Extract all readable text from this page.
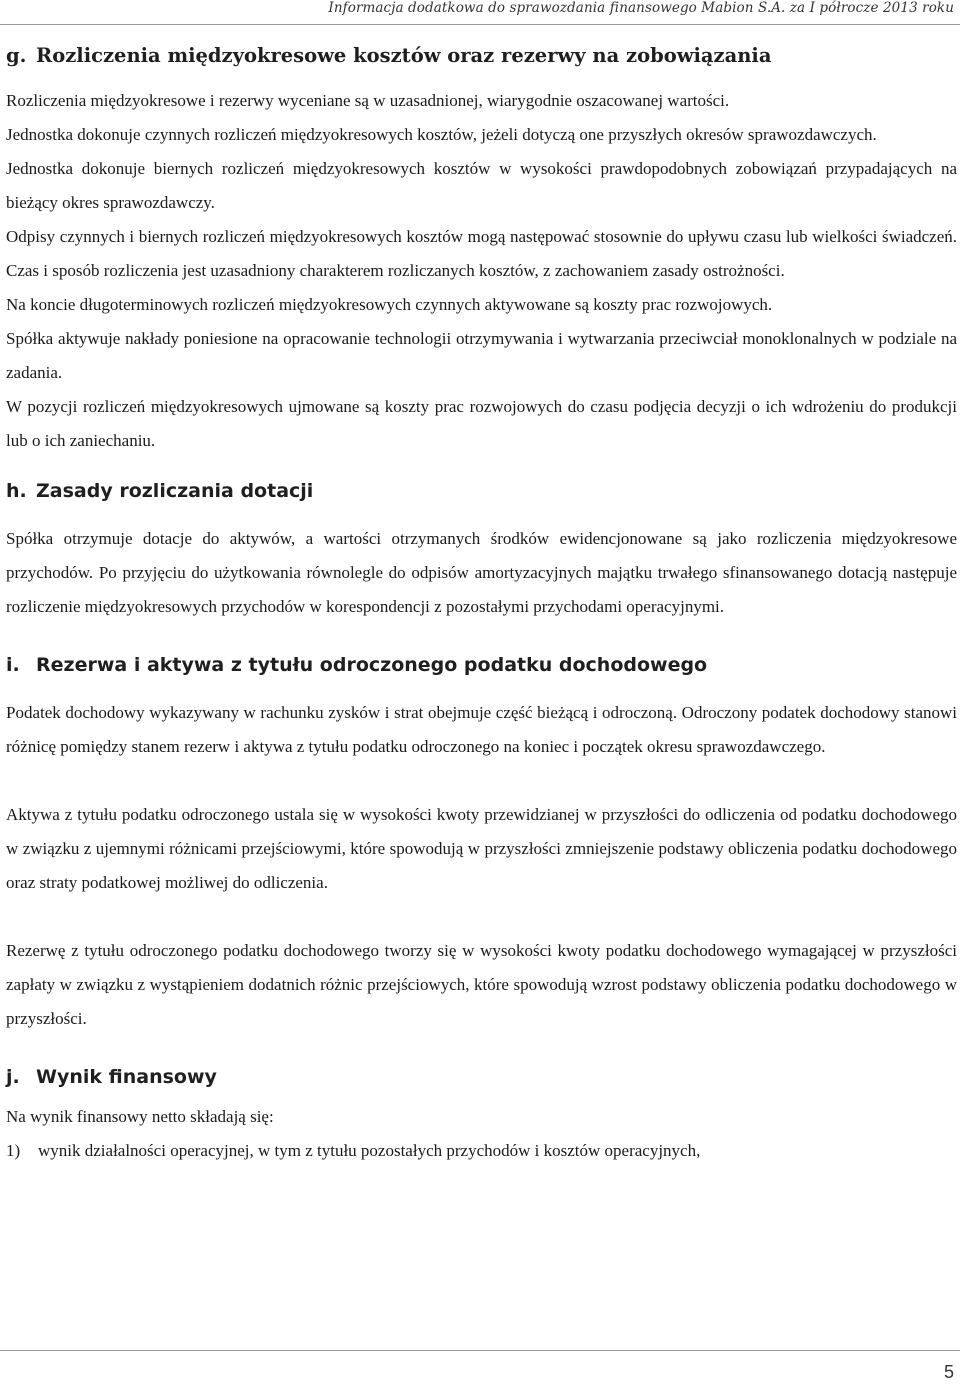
Informacja dodatkowa do sprawozdania finansowego Mabion S.A. za I półrocze 2013 roku
g. Rozliczenia międzyokresowe kosztów oraz rezerwy na zobowiązania

Rozliczenia międzyokresowe i rezerwy wyceniane są w uzasadnionej, wiarygodnie oszacowanej wartości.

Jednostka dokonuje czynnych rozliczeń międzyokresowych kosztów, jeżeli dotyczą one przyszłych okresów sprawozdawczych.

Jednostka dokonuje biernych rozliczeń międzyokresowych kosztów w wysokości prawdopodobnych zobowiązań przypadających na bieżący okres sprawozdawczy.

Odpisy czynnych i biernych rozliczeń międzyokresowych kosztów mogą następować stosownie do upływu czasu lub wielkości świadczeń. Czas i sposób rozliczenia jest uzasadniony charakterem rozliczanych kosztów, z zachowaniem zasady ostrożności.

Na koncie długoterminowych rozliczeń międzyokresowych czynnych aktywowane są koszty prac rozwojowych.

Spółka aktywuje nakłady poniesione na opracowanie technologii otrzymywania i wytwarzania przeciwciał monoklonalnych w podziale na zadania.

W pozycji rozliczeń międzyokresowych ujmowane są koszty prac rozwojowych do czasu podjęcia decyzji o ich wdrożeniu do produkcji lub o ich zaniechaniu.

h. Zasady rozliczania dotacji

Spółka otrzymuje dotacje do aktywów, a wartości otrzymanych środków ewidencjonowane są jako rozliczenia międzyokresowe przychodów. Po przyjęciu do użytkowania równolegle do odpisów amortyzacyjnych majątku trwałego sfinansowanego dotacją następuje rozliczenie międzyokresowych przychodów w korespondencji z pozostałymi przychodami operacyjnymi.

i. Rezerwa i aktywa z tytułu odroczonego podatku dochodowego

Podatek dochodowy wykazywany w rachunku zysków i strat obejmuje część bieżącą i odroczoną. Odroczony podatek dochodowy stanowi różnicę pomiędzy stanem rezerw i aktywa z tytułu podatku odroczonego na koniec i początek okresu sprawozdawczego.

Aktywa z tytułu podatku odroczonego ustala się w wysokości kwoty przewidzianej w przyszłości do odliczenia od podatku dochodowego w związku z ujemnymi różnicami przejściowymi, które spowodują w przyszłości zmniejszenie podstawy obliczenia podatku dochodowego oraz straty podatkowej możliwej do odliczenia.

Rezerwę z tytułu odroczonego podatku dochodowego tworzy się w wysokości kwoty podatku dochodowego wymagającej w przyszłości zapłaty w związku z wystąpieniem dodatnich różnic przejściowych, które spowodują wzrost podstawy obliczenia podatku dochodowego w przyszłości.

j. Wynik finansowy

Na wynik finansowy netto składają się:

1)	wynik działalności operacyjnej, w tym z tytułu pozostałych przychodów i kosztów operacyjnych,

5
